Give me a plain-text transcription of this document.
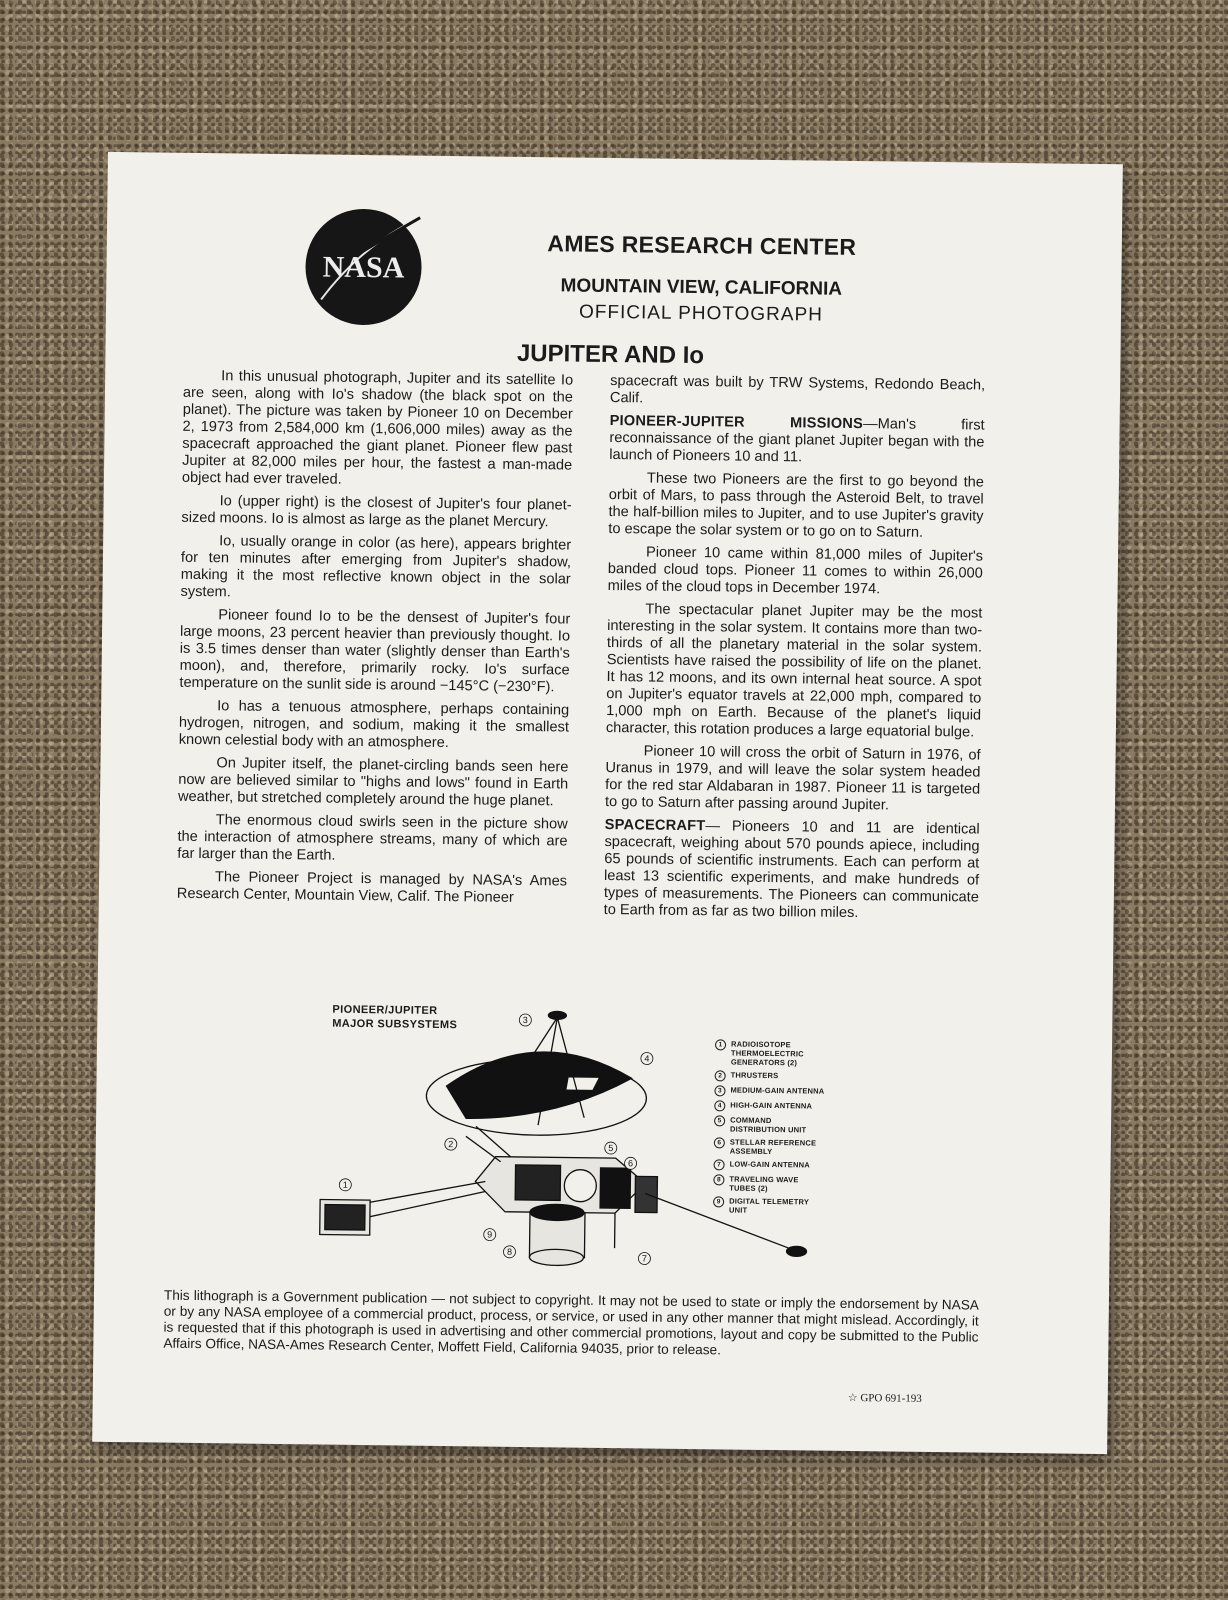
NASA
AMES RESEARCH CENTER
MOUNTAIN VIEW, CALIFORNIA
OFFICIAL PHOTOGRAPH
JUPITER AND Io

In this unusual photograph, Jupiter and its satellite Io are seen, along with Io's shadow (the black spot on the planet). The picture was taken by Pioneer 10 on December 2, 1973 from 2,584,000 km (1,606,000 miles) away as the spacecraft approached the giant planet. Pioneer flew past Jupiter at 82,000 miles per hour, the fastest a man-made object had ever traveled.

Io (upper right) is the closest of Jupiter's four planet-sized moons. Io is almost as large as the planet Mercury.

Io, usually orange in color (as here), appears brighter for ten minutes after emerging from Jupiter's shadow, making it the most reflective known object in the solar system.

Pioneer found Io to be the densest of Jupiter's four large moons, 23 percent heavier than previously thought. Io is 3.5 times denser than water (slightly denser than Earth's moon), and, therefore, primarily rocky. Io's surface temperature on the sunlit side is around −145°C (−230°F).

Io has a tenuous atmosphere, perhaps containing hydrogen, nitrogen, and sodium, making it the smallest known celestial body with an atmosphere.

On Jupiter itself, the planet-circling bands seen here now are believed similar to "highs and lows" found in Earth weather, but stretched completely around the huge planet.

The enormous cloud swirls seen in the picture show the interaction of atmosphere streams, many of which are far larger than the Earth.

The Pioneer Project is managed by NASA's Ames Research Center, Mountain View, Calif. The Pioneer

spacecraft was built by TRW Systems, Redondo Beach, Calif.

PIONEER-JUPITER MISSIONS—Man's first reconnaissance of the giant planet Jupiter began with the launch of Pioneers 10 and 11.

These two Pioneers are the first to go beyond the orbit of Mars, to pass through the Asteroid Belt, to travel the half-billion miles to Jupiter, and to use Jupiter's gravity to escape the solar system or to go on to Saturn.

Pioneer 10 came within 81,000 miles of Jupiter's banded cloud tops. Pioneer 11 comes to within 26,000 miles of the cloud tops in December 1974.

The spectacular planet Jupiter may be the most interesting in the solar system. It contains more than two-thirds of all the planetary material in the solar system. Scientists have raised the possibility of life on the planet. It has 12 moons, and its own internal heat source. A spot on Jupiter's equator travels at 22,000 mph, compared to 1,000 mph on Earth. Because of the planet's liquid character, this rotation produces a large equatorial bulge.

Pioneer 10 will cross the orbit of Saturn in 1976, of Uranus in 1979, and will leave the solar system headed for the red star Aldabaran in 1987. Pioneer 11 is targeted to go to Saturn after passing around Jupiter.

SPACECRAFT— Pioneers 10 and 11 are identical spacecraft, weighing about 570 pounds apiece, including 65 pounds of scientific instruments. Each can perform at least 13 scientific experiments, and make hundreds of types of measurements. The Pioneers can communicate to Earth from as far as two billion miles.

PIONEER/JUPITER
MAJOR SUBSYSTEMS
1
2
3
4
5
6
7
8
9
1	RADIOISOTOPE THERMOELECTRIC GENERATORS (2)
2	THRUSTERS
3	MEDIUM-GAIN ANTENNA
4	HIGH-GAIN ANTENNA
5	COMMAND DISTRIBUTION UNIT
6	STELLAR REFERENCE ASSEMBLY
7	LOW-GAIN ANTENNA
8	TRAVELING WAVE TUBES (2)
9	DIGITAL TELEMETRY UNIT
This lithograph is a Government publication — not subject to copyright. It may not be used to state or imply the endorsement by NASA or by any NASA employee of a commercial product, process, or service, or used in any other manner that might mislead. Accordingly, it is requested that if this photograph is used in advertising and other commercial promotions, layout and copy be submitted to the Public Affairs Office, NASA-Ames Research Center, Moffett Field, California 94035, prior to release.
☆ GPO 691-193
